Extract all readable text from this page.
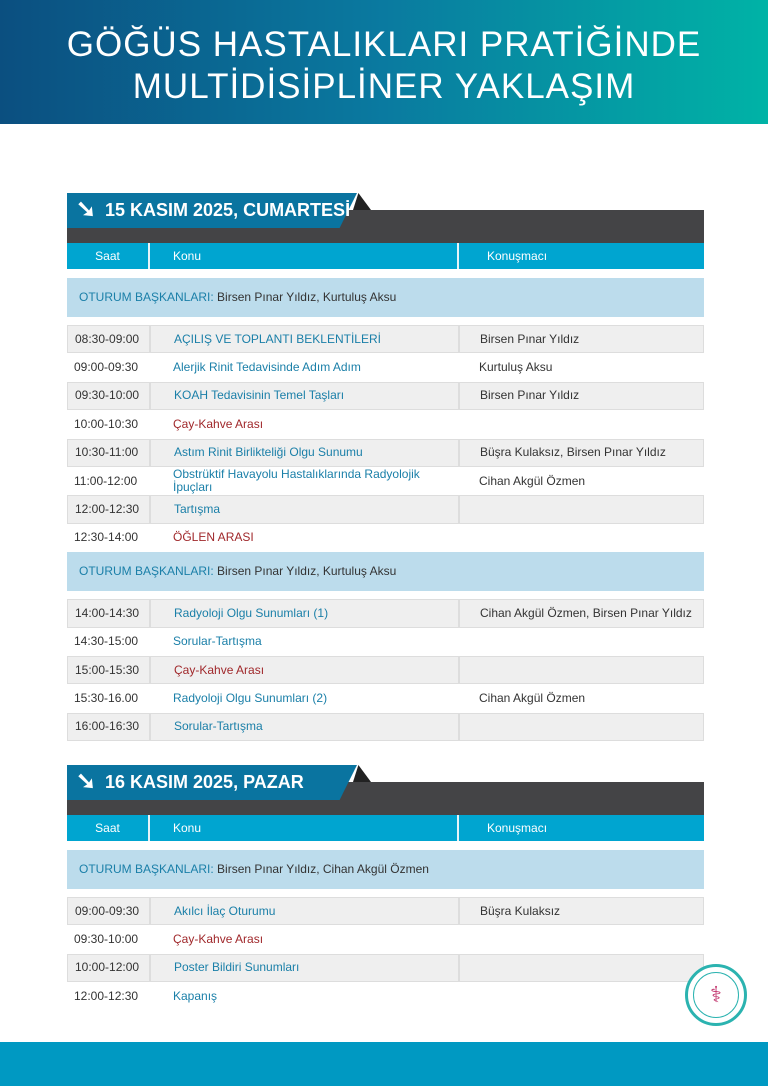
GÖĞÜS HASTALIKLARI PRATİĞİNDE
MULTİDİSİPLİNER YAKLAŞIM
➘ 15 KASIM 2025, CUMARTESİ
Saat	Konu	Konuşmacı
OTURUM BAŞKANLARI: Birsen Pınar Yıldız, Kurtuluş Aksu
08:30-09:00	AÇILIŞ VE TOPLANTI BEKLENTİLERİ	Birsen Pınar Yıldız
09:00-09:30	Alerjik Rinit Tedavisinde Adım Adım	Kurtuluş Aksu
09:30-10:00	KOAH Tedavisinin Temel Taşları	Birsen Pınar Yıldız
10:00-10:30	Çay-Kahve Arası
10:30-11:00	Astım Rinit Birlikteliği Olgu Sunumu	Büşra Kulaksız, Birsen Pınar Yıldız
11:00-12:00	Obstrüktif Havayolu Hastalıklarında Radyolojik İpuçları	Cihan Akgül Özmen
12:00-12:30	Tartışma
12:30-14:00	ÖĞLEN ARASI
OTURUM BAŞKANLARI: Birsen Pınar Yıldız, Kurtuluş Aksu
14:00-14:30	Radyoloji Olgu Sunumları (1)	Cihan Akgül Özmen, Birsen Pınar Yıldız
14:30-15:00	Sorular-Tartışma
15:00-15:30	Çay-Kahve Arası
15:30-16.00	Radyoloji Olgu Sunumları (2)	Cihan Akgül Özmen
16:00-16:30	Sorular-Tartışma
➘ 16 KASIM 2025, PAZAR
Saat	Konu	Konuşmacı
OTURUM BAŞKANLARI: Birsen Pınar Yıldız, Cihan Akgül Özmen
09:00-09:30	Akılcı İlaç Oturumu	Büşra Kulaksız
09:30-10:00	Çay-Kahve Arası
10:00-12:00	Poster Bildiri Sunumları
12:00-12:30	Kapanış	⚕
